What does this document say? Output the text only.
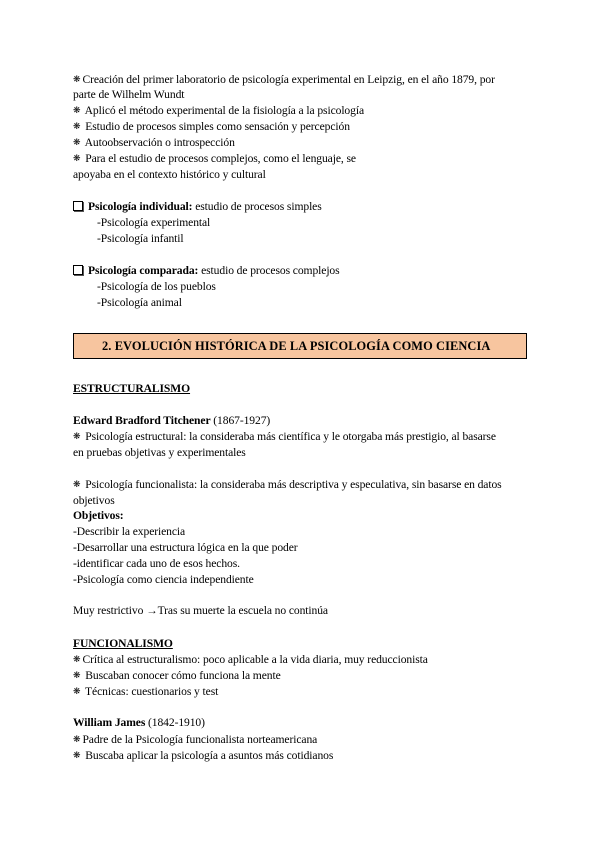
❋ Creación del primer laboratorio de psicología experimental en Leipzig, en el año 1879, por
parte de Wilhelm Wundt
❋ Aplicó el método experimental de la fisiología a la psicología
❋ Estudio de procesos simples como sensación y percepción
❋ Autoobservación o introspección
❋ Para el estudio de procesos complejos, como el lenguaje, se
apoyaba en el contexto histórico y cultural
Psicología individual: estudio de procesos simples
-Psicología experimental
-Psicología infantil
Psicología comparada: estudio de procesos complejos
-Psicología de los pueblos
-Psicología animal
2. EVOLUCIÓN HISTÓRICA DE LA PSICOLOGÍA COMO CIENCIA
ESTRUCTURALISMO
Edward Bradford Titchener (1867-1927)
❋ Psicología estructural: la consideraba más científica y le otorgaba más prestigio, al basarse
en pruebas objetivas y experimentales
❋ Psicología funcionalista: la consideraba más descriptiva y especulativa, sin basarse en datos
objetivos
Objetivos:
-Describir la experiencia
-Desarrollar una estructura lógica en la que poder
-identificar cada uno de esos hechos.
-Psicología como ciencia independiente
Muy restrictivo →Tras su muerte la escuela no continúa
FUNCIONALISMO
❋ Crítica al estructuralismo: poco aplicable a la vida diaria, muy reduccionista
❋ Buscaban conocer cómo funciona la mente
❋ Técnicas: cuestionarios y test
William James (1842-1910)
❋ Padre de la Psicología funcionalista norteamericana
❋ Buscaba aplicar la psicología a asuntos más cotidianos
